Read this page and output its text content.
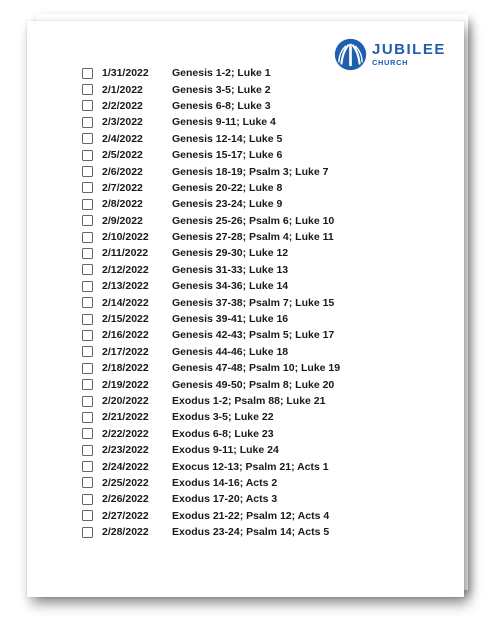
JUBILEE
CHURCH
1/31/2022 Genesis 1-2; Luke 1
2/1/2022	Genesis 3-5; Luke 2
2/2/2022	Genesis 6-8; Luke 3
2/3/2022	Genesis 9-11; Luke 4
2/4/2022	Genesis 12-14; Luke 5
2/5/2022	Genesis 15-17; Luke 6
2/6/2022	Genesis 18-19; Psalm 3; Luke 7
2/7/2022	Genesis 20-22; Luke 8
2/8/2022	Genesis 23-24; Luke 9
2/9/2022	Genesis 25-26; Psalm 6; Luke 10
2/10/2022 Genesis 27-28; Psalm 4; Luke 11
2/11/2022 Genesis 29-30; Luke 12
2/12/2022 Genesis 31-33; Luke 13
2/13/2022 Genesis 34-36; Luke 14
2/14/2022 Genesis 37-38; Psalm 7; Luke 15
2/15/2022 Genesis 39-41; Luke 16
2/16/2022 Genesis 42-43; Psalm 5; Luke 17
2/17/2022 Genesis 44-46; Luke 18
2/18/2022 Genesis 47-48; Psalm 10; Luke 19
2/19/2022 Genesis 49-50; Psalm 8; Luke 20
2/20/2022 Exodus 1-2; Psalm 88; Luke 21
2/21/2022 Exodus 3-5; Luke 22
2/22/2022 Exodus 6-8; Luke 23
2/23/2022 Exodus 9-11; Luke 24
2/24/2022 Exocus 12-13; Psalm 21; Acts 1
2/25/2022 Exodus 14-16; Acts 2
2/26/2022 Exodus 17-20; Acts 3
2/27/2022 Exodus 21-22; Psalm 12; Acts 4
2/28/2022 Exodus 23-24; Psalm 14; Acts 5
